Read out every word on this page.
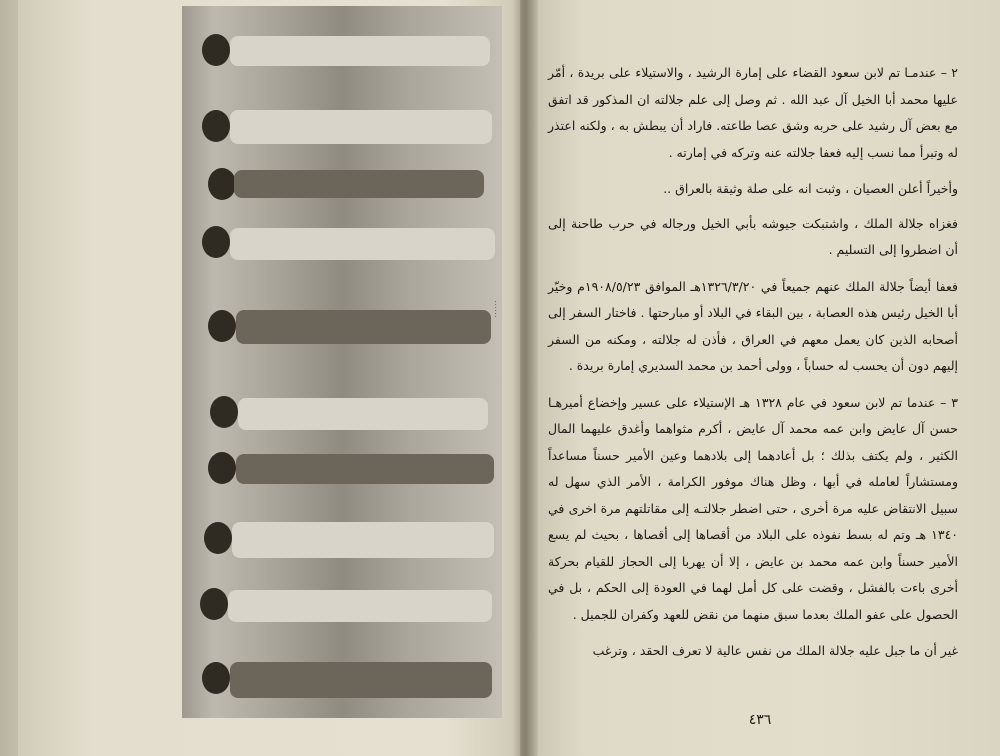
……

٢ – عندمـا تم لابن سعود القضاء على إمارة الرشيد ، والاستيلاء على بريدة ، أمّر عليها محمد أبا الخيل آل عبد الله . ثم وصل إلى علم جلالته ان المذكور قد اتفق مع بعض آل رشيد على حربه وشق عصا طاعته. فاراد أن يبطش به ، ولكنه اعتذر له وتبرأ مما نسب إليه فعفا جلالته عنه وتركه في إمارته .

وأخيراً أعلن العصيان ، وثبت انه على صلة وثيقة بالعراق ..

فغزاه جلالة الملك ، واشتبكت جيوشه بأبي الخيل ورجاله في حرب طاحنة إلى أن اضطروا إلى التسليم .

فعفا أيضاً جلالة الملك عنهم جميعاً في ١٣٢٦/٣/٢٠هـ الموافق ١٩٠٨/٥/٢٣م وخيّر أبا الخيل رئيس هذه العصابة ، بين البقاء في البلاد أو مبارحتها . فاختار السفر إلى أصحابه الذين كان يعمل معهم في العراق ، فأذن له جلالته ، ومكنه من السفر إليهم دون أن يحسب له حساباً ، وولى أحمد بن محمد السديري إمارة بريدة .

٣ – عندما تم لابن سعود في عام ١٣٢٨ هـ الإستيلاء على عسير وإخضاع أميرهـا حسن آل عايض وابن عمه محمد آل عايض ، أكرم مثواهما وأغدق عليهما المال الكثير ، ولم يكتف بذلك ؛ بل أعادهما إلى بلادهما وعين الأمير حسناً مساعداً ومستشاراً لعامله في أبها ، وظل هناك موفور الكرامة ، الأمر الذي سهل له سبيل الانتقاض عليه مرة أخرى ، حتى اضطر جلالتـه إلى مقاتلتهم مرة اخرى في ١٣٤٠ هـ وتم له بسط نفوذه على البلاد من أقصاها إلى أقصاها ، بحيث لم يسع الأمير حسناً وابن عمه محمد بن عايض ، إلا أن يهربا إلى الحجاز للقيام بحركة أخرى باءت بالفشل ، وقضت على كل أمل لهما في العودة إلى الحكم ، بل في الحصول على عفو الملك بعدما سبق منهما من نقض للعهد وكفران للجميل .

غير أن ما جبل عليه جلالة الملك من نفس عالية لا تعرف الحقد ، وترغب

٤٣٦
